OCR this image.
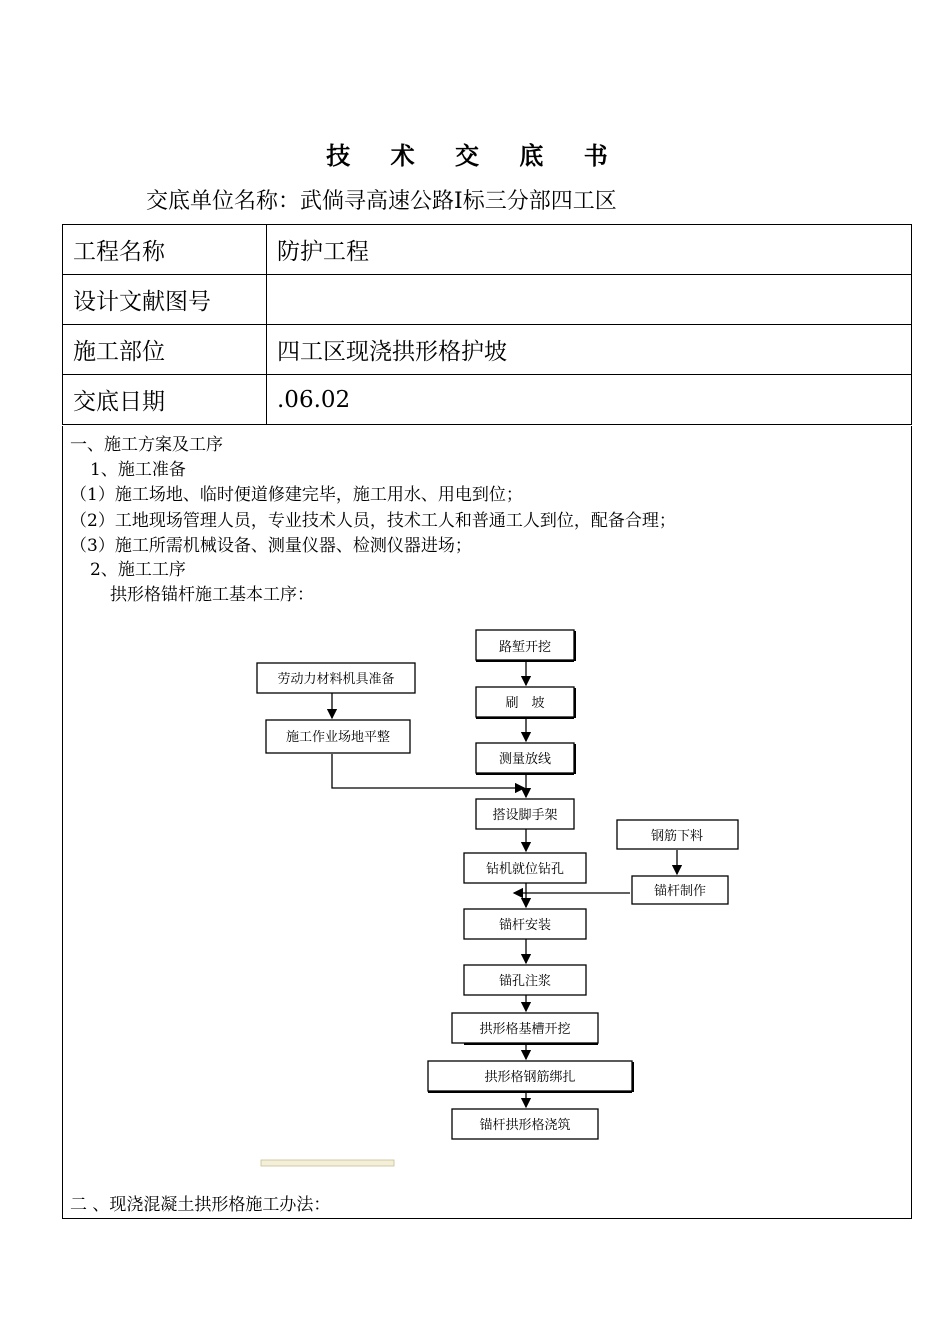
技 术 交 底 书
交底单位名称：武倘寻高速公路Ⅰ标三分部四工区
工程名称	防护工程
设计文献图号	
施工部位	四工区现浇拱形格护坡
交底日期	.06.02
一、施工方案及工序
1、施工准备
（1）施工场地、临时便道修建完毕，施工用水、用电到位；
（2）工地现场管理人员，专业技术人员，技术工人和普通工人到位，配备合理；
（3）施工所需机械设备、测量仪器、检测仪器进场；
2、施工工序
拱形格锚杆施工基本工序：
路堑开挖
刷　坡
测量放线
搭设脚手架
钻机就位钻孔
锚杆安装
锚孔注浆
拱形格基槽开挖
拱形格钢筋绑扎
锚杆拱形格浇筑
劳动力材料机具准备
施工作业场地平整
钢筋下料
锚杆制作
二 、现浇混凝土拱形格施工办法：
